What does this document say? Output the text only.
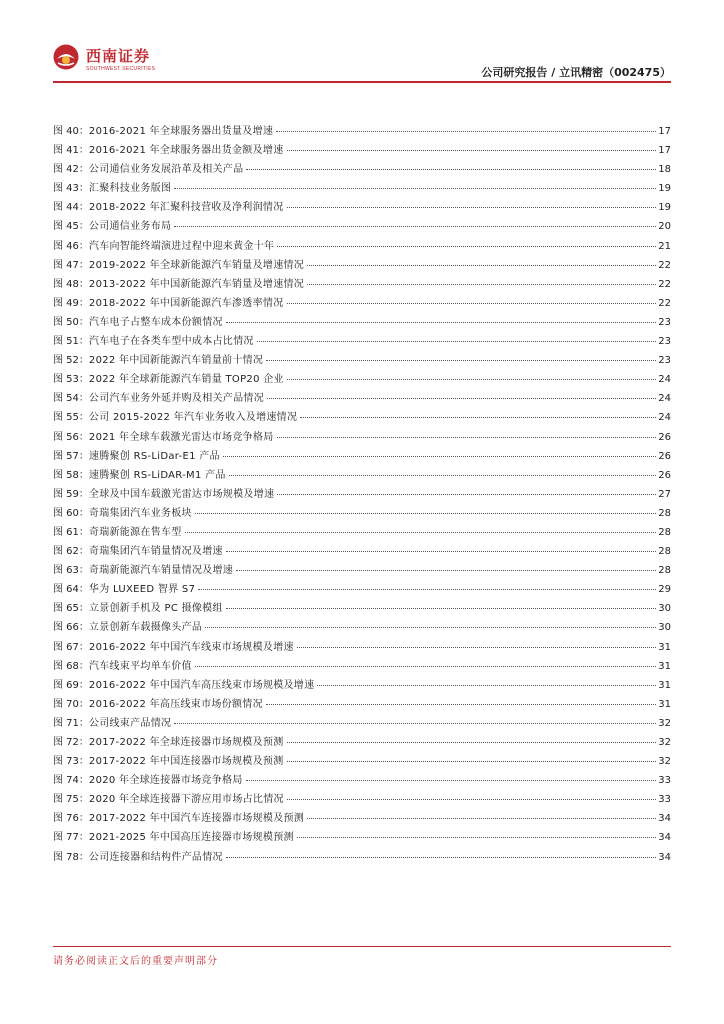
西南证券
SOUTHWEST SECURITIES	公司研究报告 / 立讯精密（002475）
图 40： 2016-2021 年全球服务器出货量及增速	17
图 41： 2016-2021 年全球服务器出货金额及增速	17
图 42： 公司通信业务发展沿革及相关产品	18
图 43： 汇聚科技业务版图	19
图 44： 2018-2022 年汇聚科技营收及净利润情况	19
图 45： 公司通信业务布局	20
图 46： 汽车向智能终端演进过程中迎来黄金十年	21
图 47： 2019-2022 年全球新能源汽车销量及增速情况	22
图 48： 2013-2022 年中国新能源汽车销量及增速情况	22
图 49： 2018-2022 年中国新能源汽车渗透率情况	22
图 50： 汽车电子占整车成本份额情况	23
图 51： 汽车电子在各类车型中成本占比情况	23
图 52： 2022 年中国新能源汽车销量前十情况	23
图 53： 2022 年全球新能源汽车销量 TOP20 企业	24
图 54： 公司汽车业务外延并购及相关产品情况	24
图 55： 公司 2015-2022 年汽车业务收入及增速情况	24
图 56： 2021 年全球车载激光雷达市场竞争格局	26
图 57： 速腾聚创 RS-LiDar-E1 产品	26
图 58： 速腾聚创 RS-LiDAR-M1 产品	26
图 59： 全球及中国车载激光雷达市场规模及增速	27
图 60： 奇瑞集团汽车业务板块	28
图 61： 奇瑞新能源在售车型	28
图 62： 奇瑞集团汽车销量情况及增速	28
图 63： 奇瑞新能源汽车销量情况及增速	28
图 64： 华为 LUXEED 智界 S7	29
图 65： 立景创新手机及 PC 摄像模组	30
图 66： 立景创新车载摄像头产品	30
图 67： 2016-2022 年中国汽车线束市场规模及增速	31
图 68： 汽车线束平均单车价值	31
图 69： 2016-2022 年中国汽车高压线束市场规模及增速	31
图 70： 2016-2022 年高压线束市场份额情况	31
图 71： 公司线束产品情况	32
图 72： 2017-2022 年全球连接器市场规模及预测	32
图 73： 2017-2022 年中国连接器市场规模及预测	32
图 74： 2020 年全球连接器市场竞争格局	33
图 75： 2020 年全球连接器下游应用市场占比情况	33
图 76： 2017-2022 年中国汽车连接器市场规模及预测	34
图 77： 2021-2025 年中国高压连接器市场规模预测	34
图 78： 公司连接器和结构件产品情况	34
请务必阅读正文后的重要声明部分
